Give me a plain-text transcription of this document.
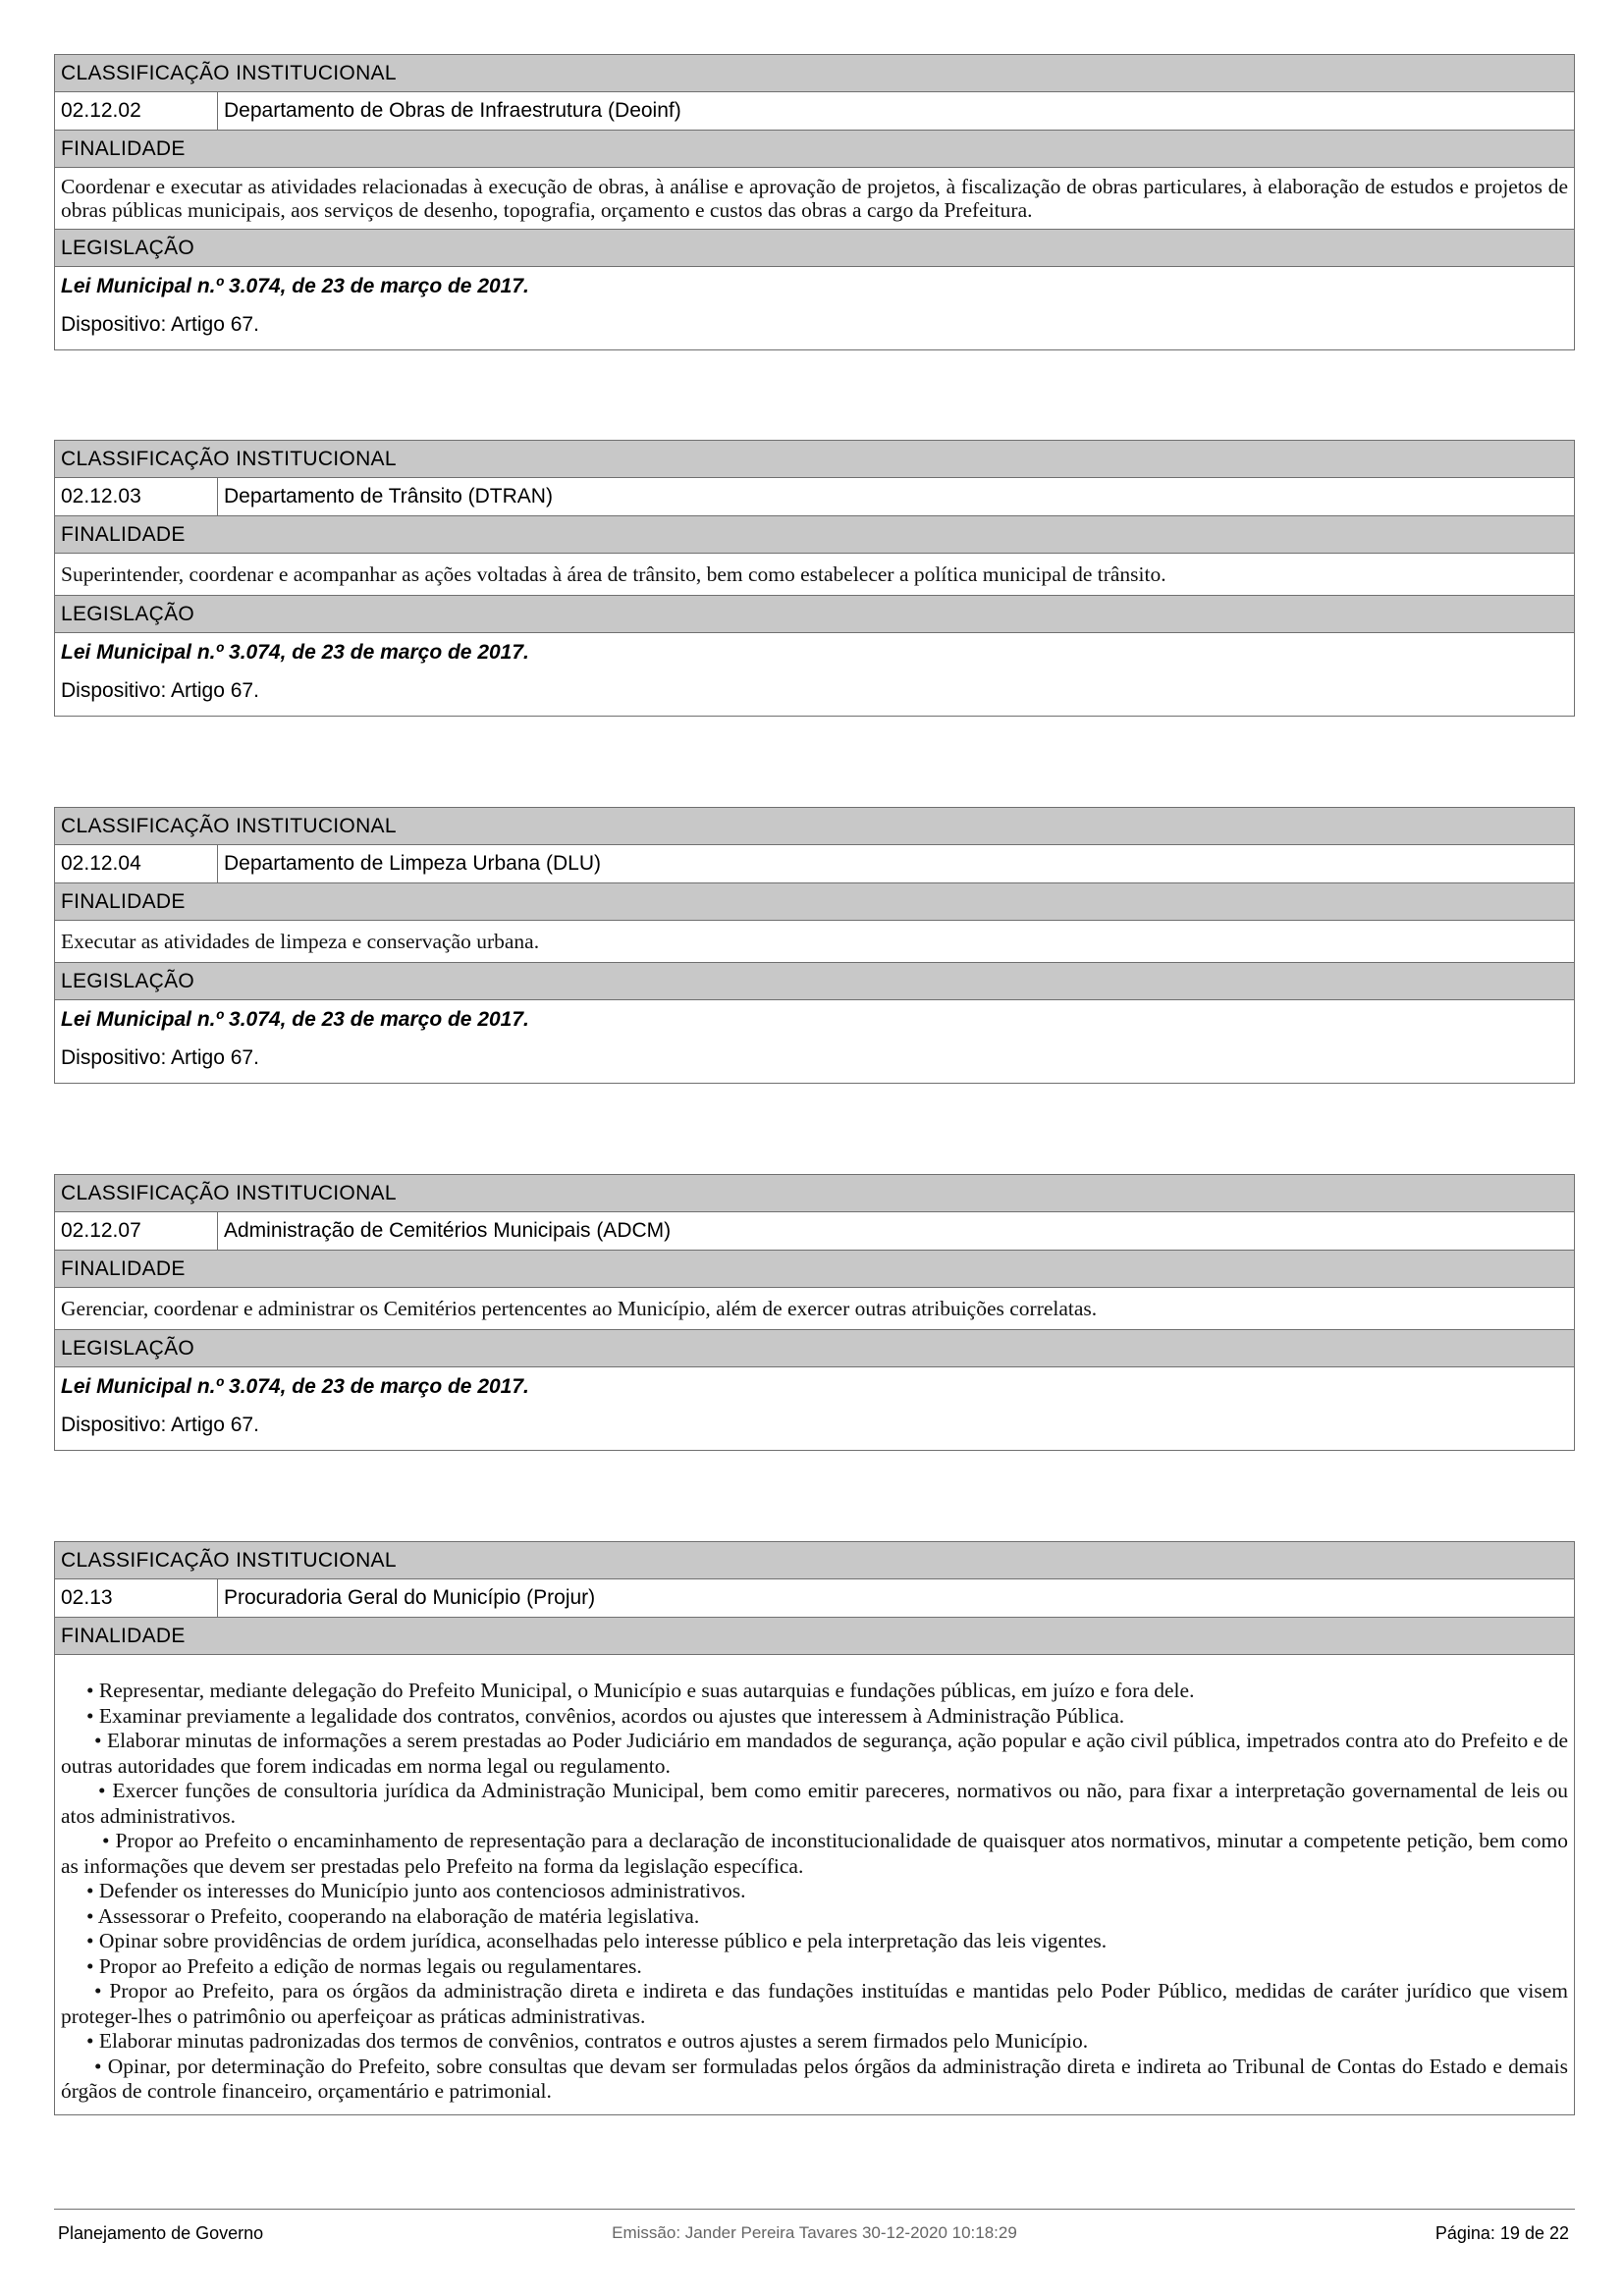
CLASSIFICAÇÃO INSTITUCIONAL
02.12.02	Departamento de Obras de Infraestrutura (Deoinf)
FINALIDADE
Coordenar e executar as atividades relacionadas à execução de obras, à análise e aprovação de projetos, à fiscalização de obras particulares, à elaboração de estudos e projetos de obras públicas municipais, aos serviços de desenho, topografia, orçamento e custos das obras a cargo da Prefeitura.
LEGISLAÇÃO
Lei Municipal n.º 3.074, de 23 de março de 2017.
Dispositivo: Artigo 67.
CLASSIFICAÇÃO INSTITUCIONAL
02.12.03	Departamento de Trânsito (DTRAN)
FINALIDADE
Superintender, coordenar e acompanhar as ações voltadas à área de trânsito, bem como estabelecer a política municipal de trânsito.
LEGISLAÇÃO
Lei Municipal n.º 3.074, de 23 de março de 2017.
Dispositivo: Artigo 67.
CLASSIFICAÇÃO INSTITUCIONAL
02.12.04	Departamento de Limpeza Urbana (DLU)
FINALIDADE
Executar as atividades de limpeza e conservação urbana.
LEGISLAÇÃO
Lei Municipal n.º 3.074, de 23 de março de 2017.
Dispositivo: Artigo 67.
CLASSIFICAÇÃO INSTITUCIONAL
02.12.07	Administração de Cemitérios Municipais (ADCM)
FINALIDADE
Gerenciar, coordenar e administrar os Cemitérios pertencentes ao Município, além de exercer outras atribuições correlatas.
LEGISLAÇÃO
Lei Municipal n.º 3.074, de 23 de março de 2017.
Dispositivo: Artigo 67.
CLASSIFICAÇÃO INSTITUCIONAL
02.13	Procuradoria Geral do Município (Projur)
FINALIDADE

• Representar, mediante delegação do Prefeito Municipal, o Município e suas autarquias e fundações públicas, em juízo e fora dele.

• Examinar previamente a legalidade dos contratos, convênios, acordos ou ajustes que interessem à Administração Pública.

• Elaborar minutas de informações a serem prestadas ao Poder Judiciário em mandados de segurança, ação popular e ação civil pública, impetrados contra ato do Prefeito e de outras autoridades que forem indicadas em norma legal ou regulamento.

• Exercer funções de consultoria jurídica da Administração Municipal, bem como emitir pareceres, normativos ou não, para fixar a interpretação governamental de leis ou atos administrativos.

• Propor ao Prefeito o encaminhamento de representação para a declaração de inconstitucionalidade de quaisquer atos normativos, minutar a competente petição, bem como as informações que devem ser prestadas pelo Prefeito na forma da legislação específica.

• Defender os interesses do Município junto aos contenciosos administrativos.

• Assessorar o Prefeito, cooperando na elaboração de matéria legislativa.

• Opinar sobre providências de ordem jurídica, aconselhadas pelo interesse público e pela interpretação das leis vigentes.

• Propor ao Prefeito a edição de normas legais ou regulamentares.

• Propor ao Prefeito, para os órgãos da administração direta e indireta e das fundações instituídas e mantidas pelo Poder Público, medidas de caráter jurídico que visem proteger-lhes o patrimônio ou aperfeiçoar as práticas administrativas.

• Elaborar minutas padronizadas dos termos de convênios, contratos e outros ajustes a serem firmados pelo Município.

• Opinar, por determinação do Prefeito, sobre consultas que devam ser formuladas pelos órgãos da administração direta e indireta ao Tribunal de Contas do Estado e demais órgãos de controle financeiro, orçamentário e patrimonial.

Emissão: Jander Pereira Tavares 30-12-2020 10:18:29
Planejamento de Governo	Página: 19 de 22
